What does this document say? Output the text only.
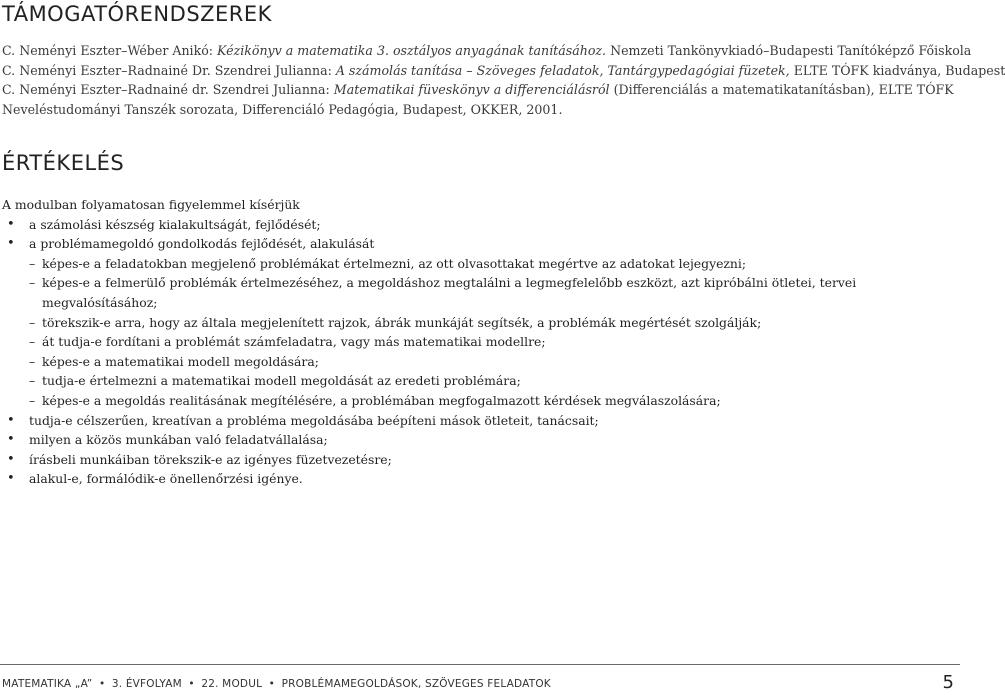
TÁMOGATÓRENDSZEREK

C. Neményi Eszter–Wéber Anikó: Kézikönyv a matematika 3. osztályos anyagának tanításához. Nemzeti Tankönyvkiadó–Budapesti Tanítóképző Főiskola

C. Neményi Eszter–Radnainé Dr. Szendrei Julianna: A számolás tanítása – Szöveges feladatok, Tantárgypedagógiai füzetek, ELTE TÓFK kiadványa, Budapest

C. Neményi Eszter–Radnainé dr. Szendrei Julianna: Matematikai füveskönyv a differenciálásról (Differenciálás a matematikatanításban), ELTE TÓFK Neveléstudományi Tanszék sorozata, Differenciáló Pedagógia, Budapest, OKKER, 2001.

ÉRTÉKELÉS

A modulban folyamatosan figyelemmel kísérjük

• a számolási készség kialakultságát, fejlődését;
• a problémamegoldó gondolkodás fejlődését, alakulását
– képes-e a feladatokban megjelenő problémákat értelmezni, az ott olvasottakat megértve az adatokat lejegyezni;
– képes-e a felmerülő problémák értelmezéséhez, a megoldáshoz megtalálni a legmegfelelőbb eszközt, azt kipróbálni ötletei, tervei megvalósításához;
– törekszik-e arra, hogy az általa megjelenített rajzok, ábrák munkáját segítsék, a problémák megértését szolgálják;
– át tudja-e fordítani a problémát számfeladatra, vagy más matematikai modellre;
– képes-e a matematikai modell megoldására;
– tudja-e értelmezni a matematikai modell megoldását az eredeti problémára;
– képes-e a megoldás realitásának megítélésére, a problémában megfogalmazott kérdések megválaszolására;
• tudja-e célszerűen, kreatívan a probléma megoldásába beépíteni mások ötleteit, tanácsait;
• milyen a közös munkában való feladatvállalása;
• írásbeli munkáiban törekszik-e az igényes füzetvezetésre;
• alakul-e, formálódik-e önellenőrzési igénye.
MATEMATIKA „A” • 3. ÉVFOLYAM • 22. MODUL • PROBLÉMAMEGOLDÁSOK, SZÖVEGES FELADATOK	5
